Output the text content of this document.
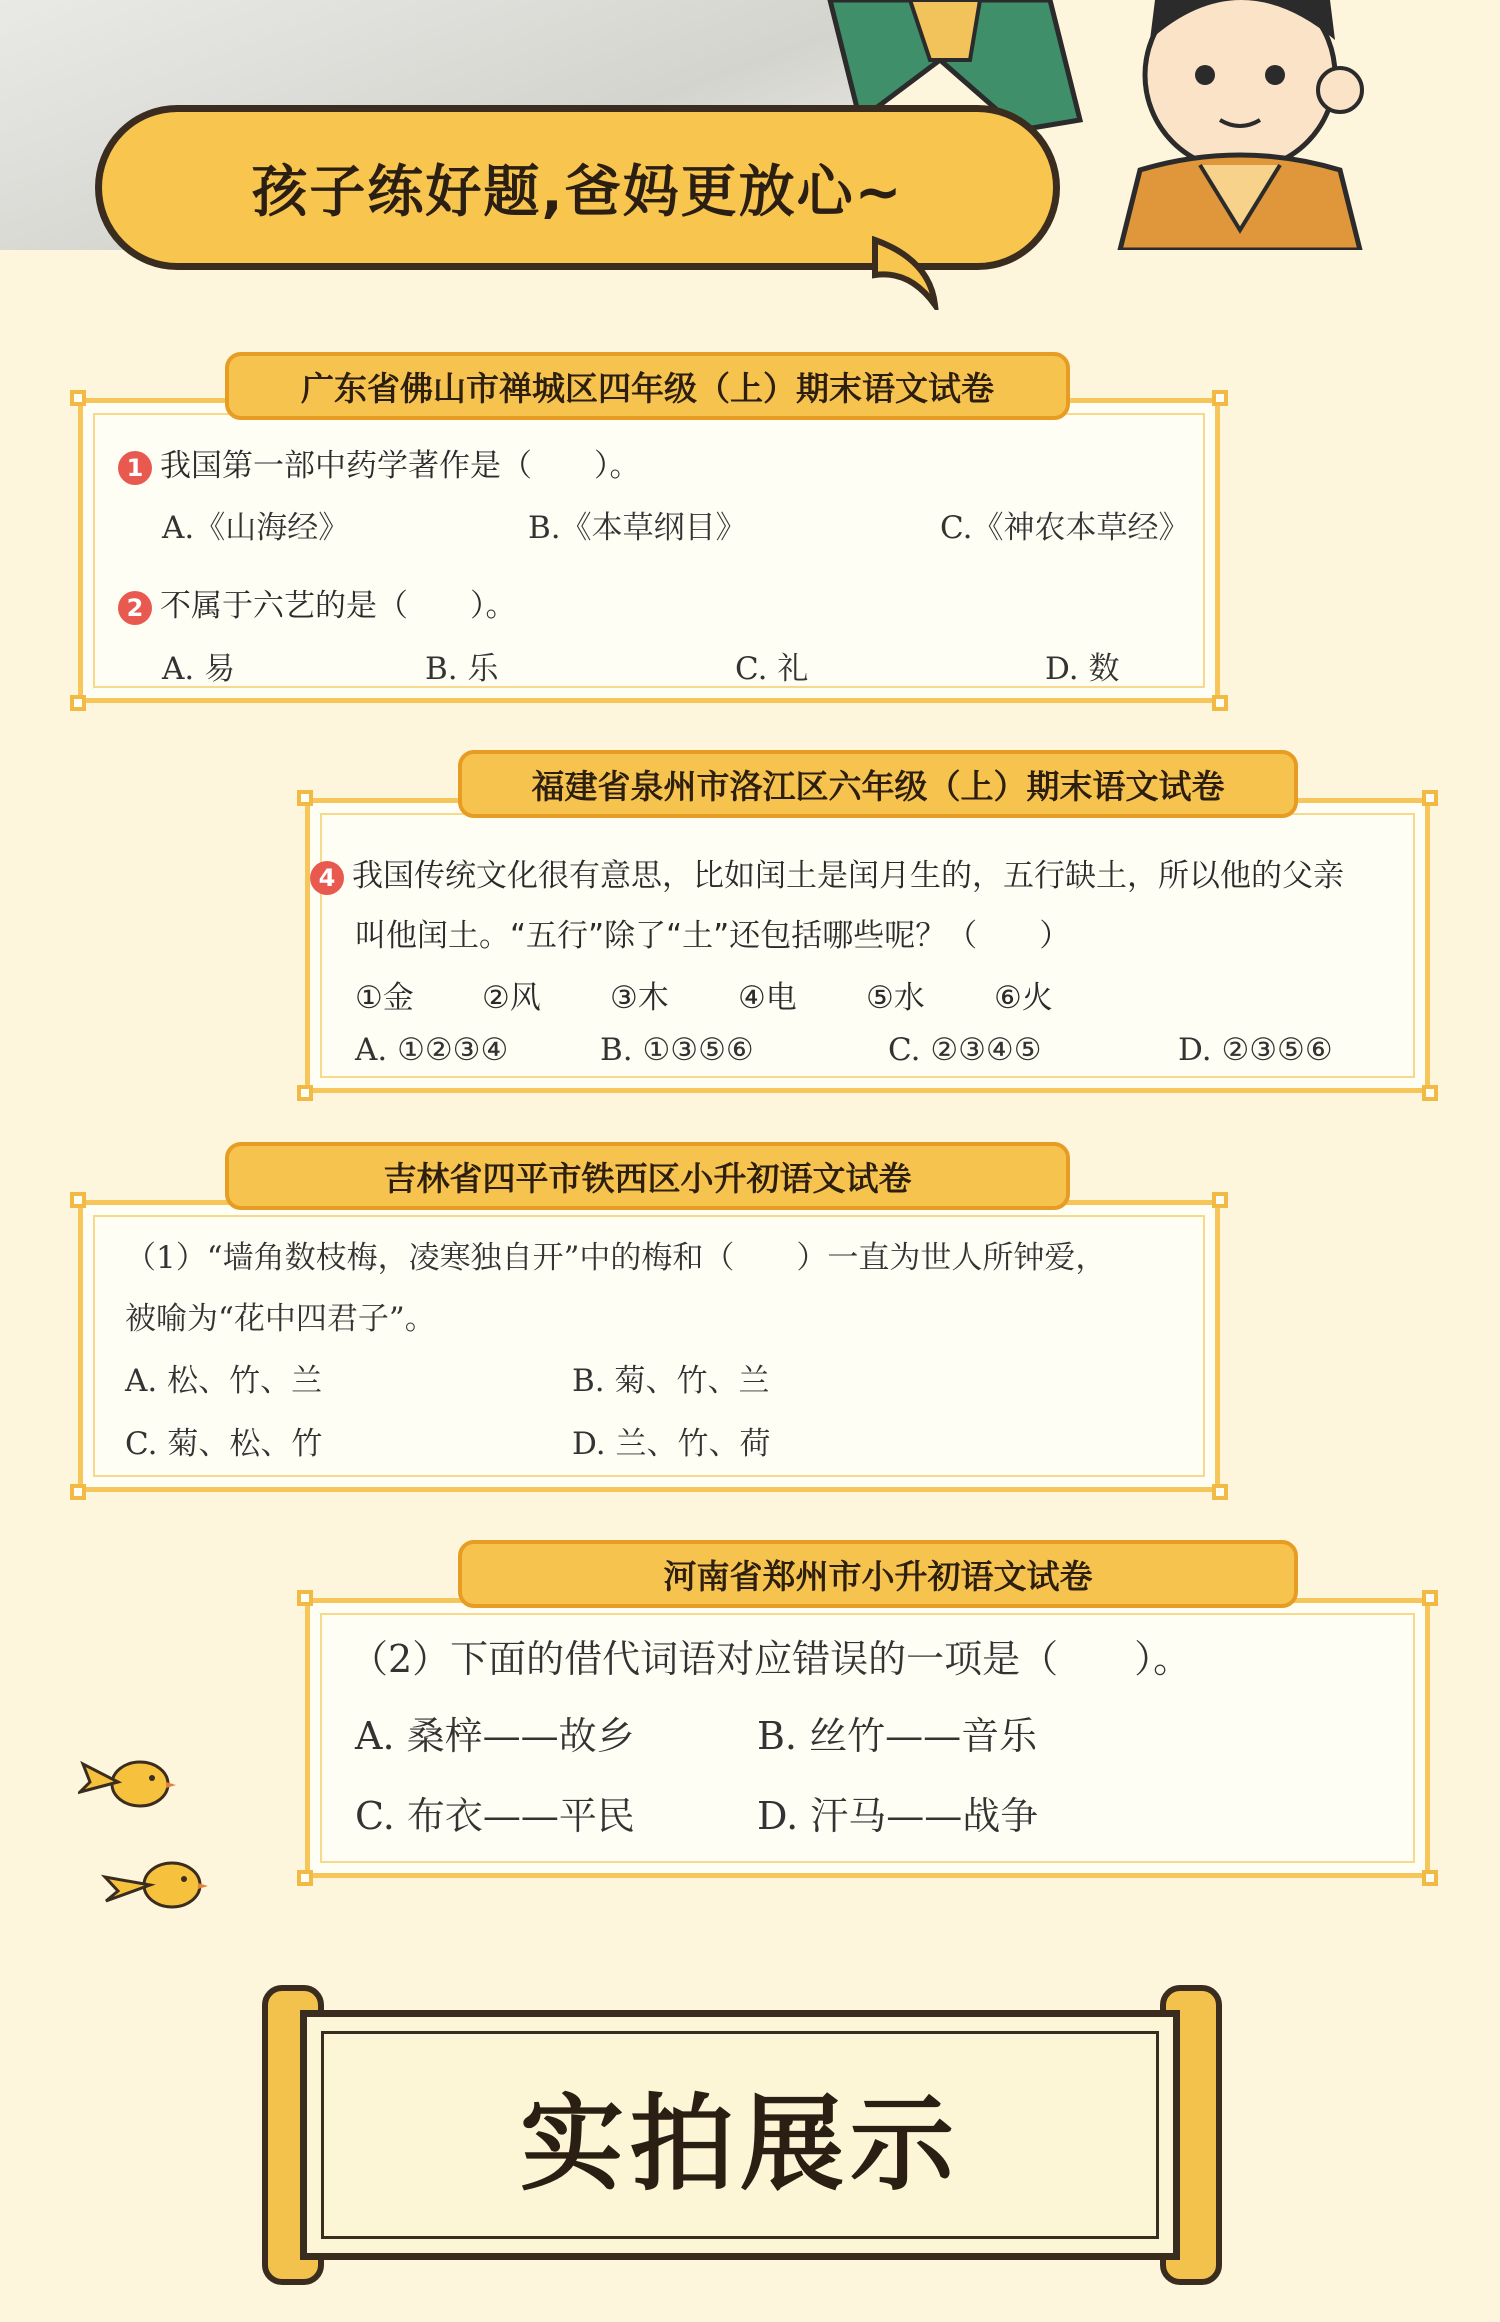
孩子练好题,爸妈更放心~
广东省佛山市禅城区四年级（上）期末语文试卷
1 我国第一部中药学著作是（　　）。
A.《山海经》	B.《本草纲目》	C.《神农本草经》
2 不属于六艺的是（　　）。
A. 易	B. 乐	C. 礼	D. 数
福建省泉州市洛江区六年级（上）期末语文试卷
4 我国传统文化很有意思，比如闰土是闰月生的，五行缺土，所以他的父亲
叫他闰土。“五行”除了“土”还包括哪些呢？（　　）
①金 ②风 ③木 ④电 ⑤水 ⑥火
A. ①②③④	B. ①③⑤⑥	C. ②③④⑤	D. ②③⑤⑥
吉林省四平市铁西区小升初语文试卷
（1）“墙角数枝梅，凌寒独自开”中的梅和（　　）一直为世人所钟爱，
被喻为“花中四君子”。
A. 松、竹、兰	B. 菊、竹、兰
C. 菊、松、竹	D. 兰、竹、荷
河南省郑州市小升初语文试卷
（2）下面的借代词语对应错误的一项是（　　）。
A. 桑梓——故乡	B. 丝竹——音乐
C. 布衣——平民	D. 汗马——战争
实拍展示
